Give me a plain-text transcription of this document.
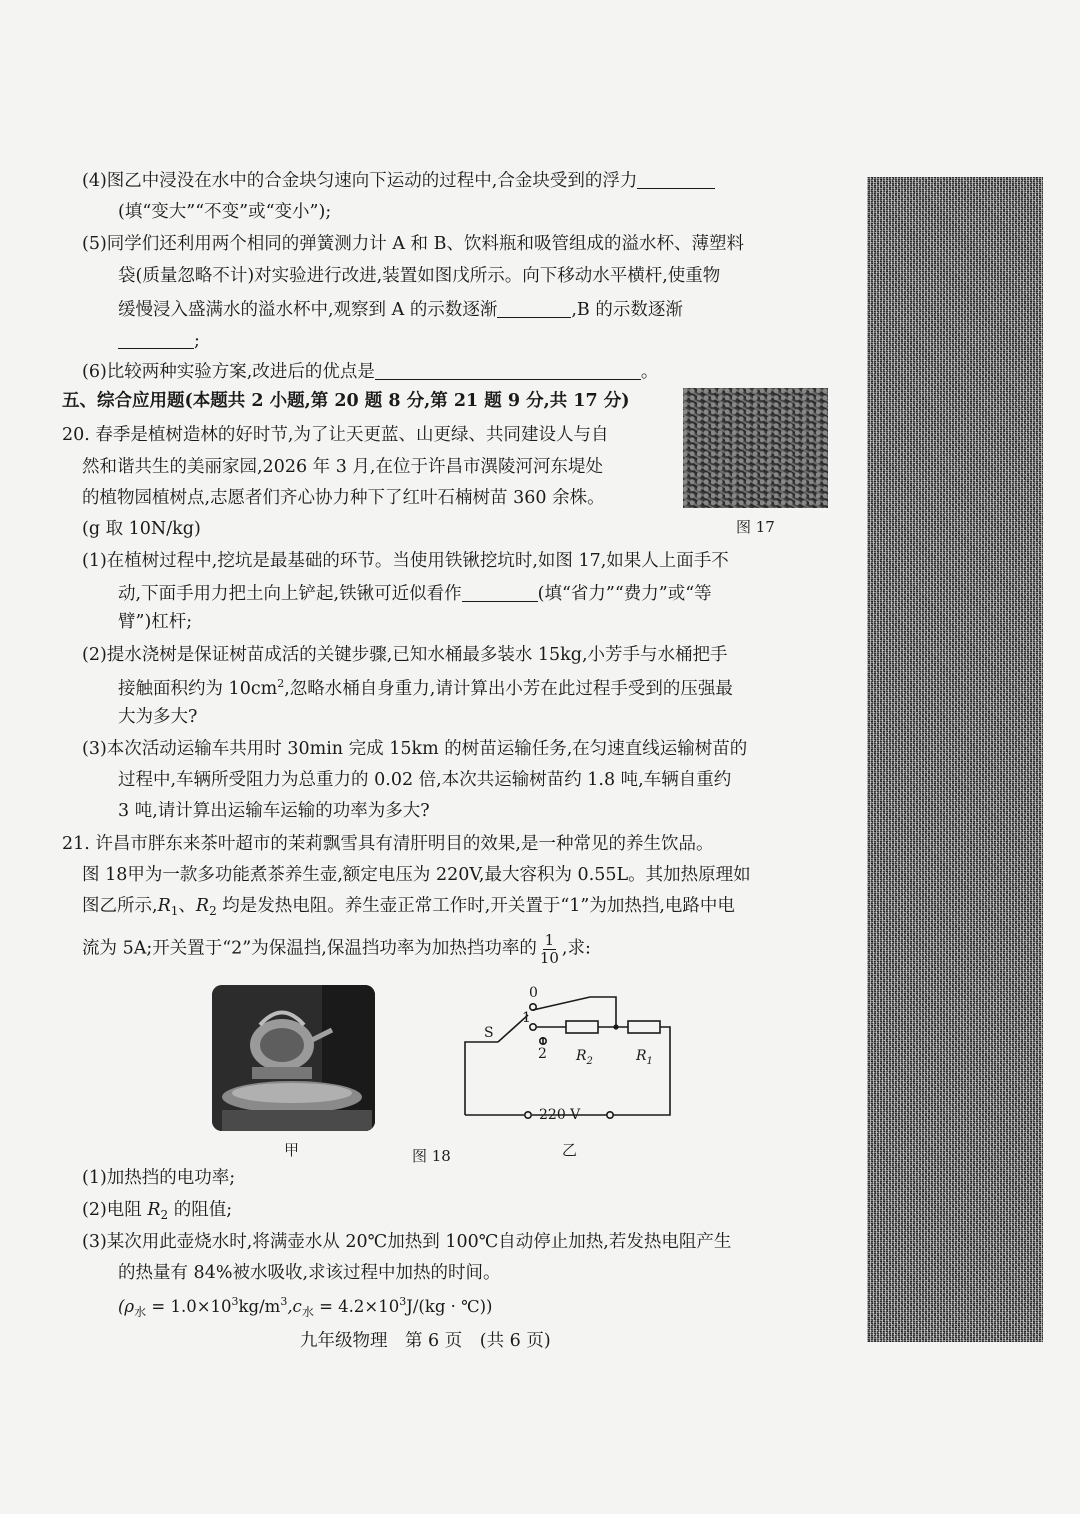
(4)图乙中浸没在水中的合金块匀速向下运动的过程中,合金块受到的浮力
(填“变大”“不变”或“变小”);
(5)同学们还利用两个相同的弹簧测力计 A 和 B、饮料瓶和吸管组成的溢水杯、薄塑料
袋(质量忽略不计)对实验进行改进,装置如图戊所示。向下移动水平横杆,使重物
缓慢浸入盛满水的溢水杯中,观察到 A 的示数逐渐	,B 的示数逐渐
;
(6)比较两种实验方案,改进后的优点是	。
五、综合应用题(本题共 2 小题,第 20 题 8 分,第 21 题 9 分,共 17 分)
20. 春季是植树造林的好时节,为了让天更蓝、山更绿、共同建设人与自
然和谐共生的美丽家园,2026 年 3 月,在位于许昌市潩陵河河东堤处
的植物园植树点,志愿者们齐心协力种下了红叶石楠树苗 360 余株。
(g 取 10N/kg)	图 17
(1)在植树过程中,挖坑是最基础的环节。当使用铁锹挖坑时,如图 17,如果人上面手不
动,下面手用力把土向上铲起,铁锹可近似看作	(填“省力”“费力”或“等
臂”)杠杆;
(2)提水浇树是保证树苗成活的关键步骤,已知水桶最多装水 15kg,小芳手与水桶把手
接触面积约为 $10cm^2$,忽略水桶自身重力,请计算出小芳在此过程手受到的压强最
大为多大?
(3)本次活动运输车共用时 30min 完成 15km 的树苗运输任务,在匀速直线运输树苗的
过程中,车辆所受阻力为总重力的 0.02 倍,本次共运输树苗约 1.8 吨,车辆自重约
3 吨,请计算出运输车运输的功率为多大?
21. 许昌市胖东来茶叶超市的茉莉飘雪具有清肝明目的效果,是一种常见的养生饮品。
图 18甲为一款多功能煮茶养生壶,额定电压为 220V,最大容积为 0.55L。其加热原理如
图乙所示$,R_1$、$R_2$ 均是发热电阻。养生壶正常工作时,开关置于“1”为加热挡,电路中电
流为 5A;开关置于“2”为保温挡,保温挡功率为加热挡功率的 $\frac{1}{10}$ ,求:
甲	图 18	乙
S
0
1
2
220 V
$R_2$	$R_1$
(1)加热挡的电功率;
(2)电阻 $R_2$ 的阻值;
(3)某次用此壶烧水时,将满壶水从 20℃加热到 100℃自动停止加热,若发热电阻产生
的热量有 84%被水吸收,求该过程中加热的时间。
($\rho_水 = 1.0\times 10^3kg/m^3,c_水 = 4.2\times 10^3J/(kg$ · ℃))
九年级物理　第 6 页　(共 6 页)
